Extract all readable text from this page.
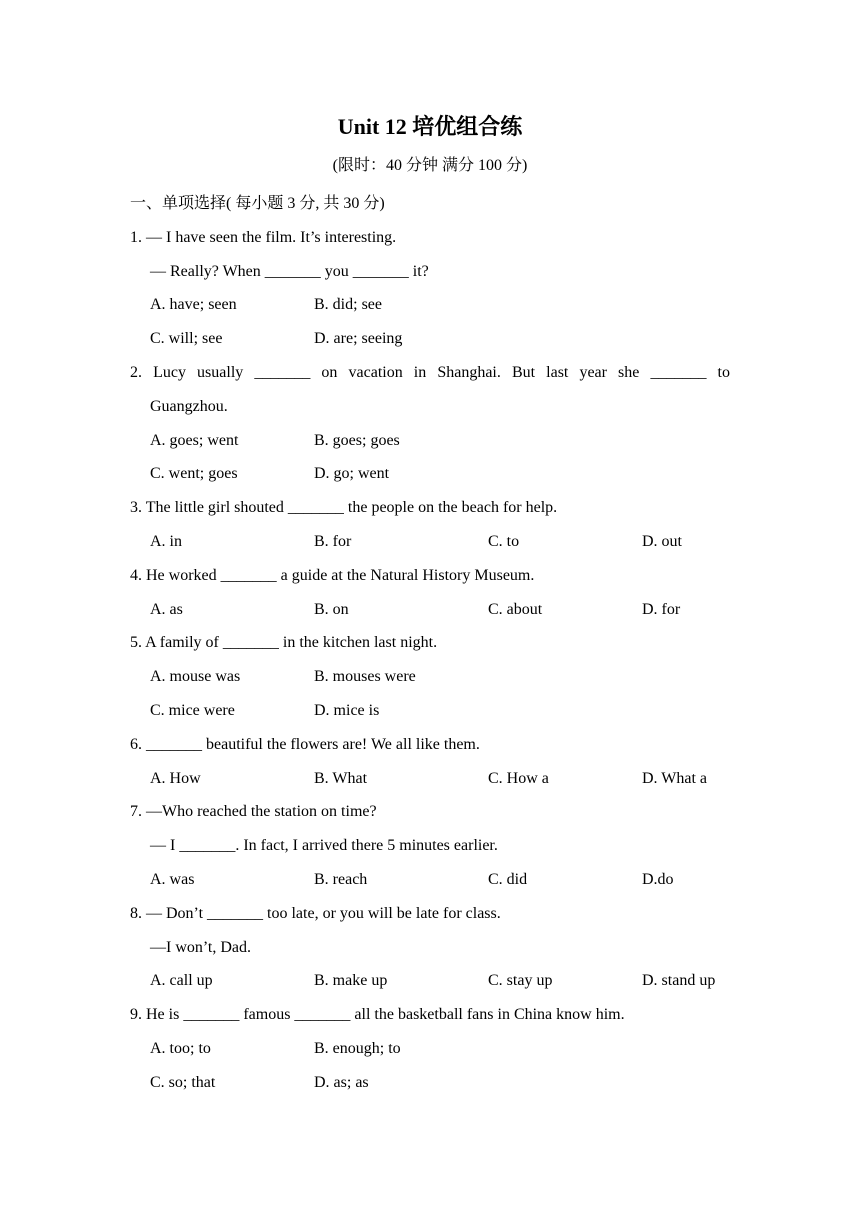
Unit 12 培优组合练
(限时：40 分钟 满分 100 分)
一、单项选择( 每小题 3 分, 共 30 分)
1. — I have seen the film. It’s interesting.
— Really? When _______ you _______ it?
A. have; seen	B. did; see
C. will; see	D. are; seeing
2. Lucy usually _______ on vacation in Shanghai. But last year she _______ to
Guangzhou.
A. goes; went	B. goes; goes
C. went; goes	D. go; went
3. The little girl shouted _______ the people on the beach for help.
A. in	B. for	C. to	D. out
4. He worked _______ a guide at the Natural History Museum.
A. as	B. on	C. about	D. for
5. A family of _______ in the kitchen last night.
A. mouse was	B. mouses were
C. mice were	D. mice is
6. _______ beautiful the flowers are! We all like them.
A. How	B. What	C. How a	D. What a
7. —Who reached the station on time?
— I _______. In fact, I arrived there 5 minutes earlier.
A. was	B. reach	C. did	D.do
8. — Don’t _______ too late, or you will be late for class.
—I won’t, Dad.
A. call up	B. make up	C. stay up	D. stand up
9. He is _______ famous _______ all the basketball fans in China know him.
A. too; to	B. enough; to
C. so; that	D. as; as
